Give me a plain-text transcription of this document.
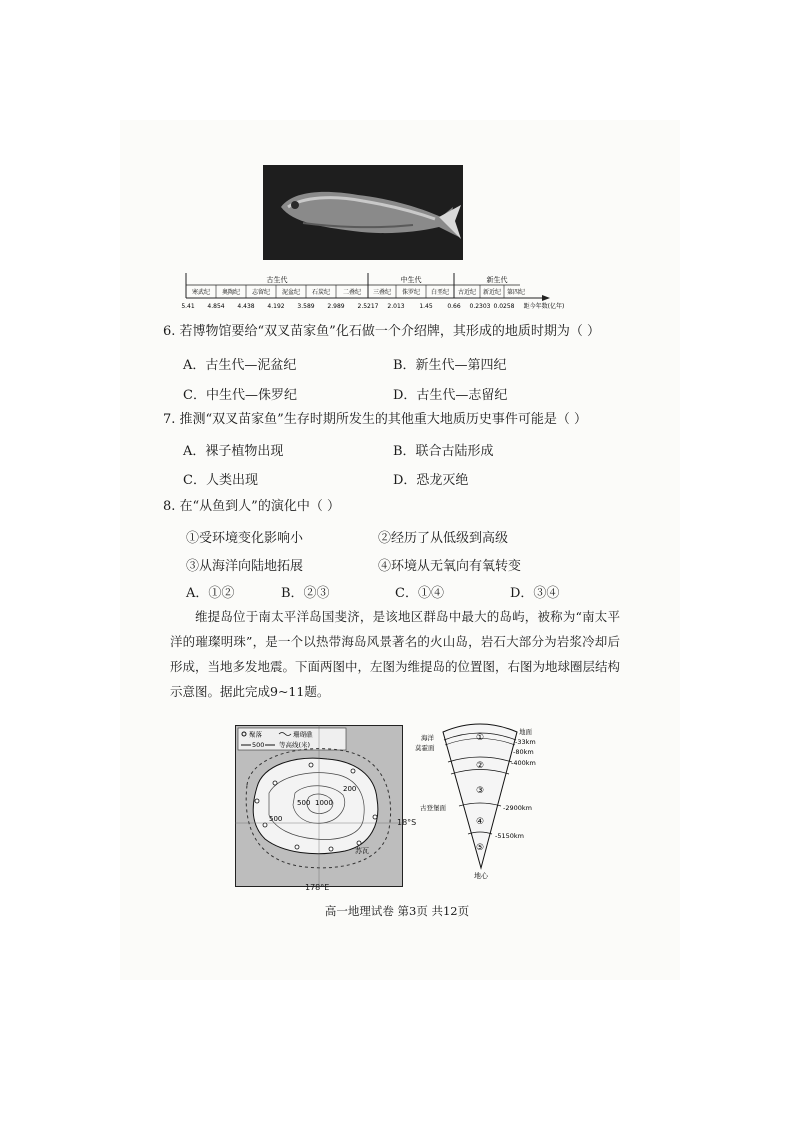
古生代	中生代	新生代
寒武纪 奥陶纪 志留纪 泥盆纪 石炭纪 二叠纪 三叠纪 侏罗纪 白垩纪 古近纪 新近纪 第四纪
5.41 4.854 4.438 4.192 3.589 2.989 2.5217 2.013 1.45 0.66 0.2303 0.0258 距今年数(亿年)
6. 若博物馆要给“双叉苗家鱼”化石做一个介绍牌，其形成的地质时期为（ ）
A．古生代—泥盆纪	B．新生代—第四纪
C．中生代—侏罗纪	D．古生代—志留纪
7. 推测“双叉苗家鱼”生存时期所发生的其他重大地质历史事件可能是（ ）
A．裸子植物出现	B．联合古陆形成
C．人类出现	D．恐龙灭绝
8. 在“从鱼到人”的演化中（ ）
①受环境变化影响小	②经历了从低级到高级
③从海洋向陆地拓展	④环境从无氧向有氧转变
A．①②	B．②③	C．①④	D．③④

维提岛位于南太平洋岛国斐济，是该地区群岛中最大的岛屿，被称为“南太平洋的璀璨明珠”，是一个以热带海岛风景著名的火山岛，岩石大部分为岩浆冷却后形成，当地多发地震。下面两图中，左图为维提岛的位置图，右图为地球圈层结构示意图。据此完成9~11题。

聚落	珊瑚礁
500 等高线(米)
500 1000
200
500
苏瓦
18°S
178°E
①
②
③
④
⑤
地面
-33km
-80km
-400km
-2900km
-5150km
海洋
莫霍面
古登堡面
地心
高一地理试卷 第3页 共12页
